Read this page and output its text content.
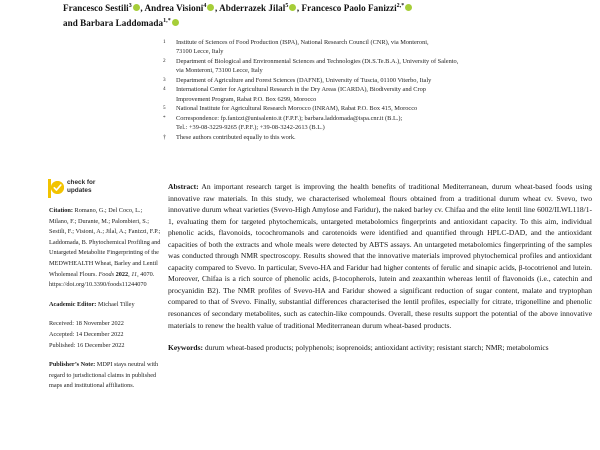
Francesco Sestili$^3$ , Andrea Visioni$^4$ , Abderrazek Jilal$^5$ , Francesco Paolo Fanizzi$^{2,*}$
and Barbara Laddomada$^{1,*}$
1	Institute of Sciences of Food Production (ISPA), National Research Council (CNR), via Monteroni,
73100 Lecce, Italy
2	Department of Biological and Environmental Sciences and Technologies (Di.S.Te.B.A.), University of Salento,
via Monteroni, 73100 Lecce, Italy
3	Department of Agriculture and Forest Sciences (DAFNE), University of Tuscia, 01100 Viterbo, Italy
4	International Center for Agricultural Research in the Dry Areas (ICARDA), Biodiversity and Crop
Improvement Program, Rabat P.O. Box 6299, Morocco
5	National Institute for Agricultural Research Morocco (INRAM), Rabat P.O. Box 415, Morocco
*	Correspondence: fp.fanizzi@unisalento.it (F.P.F.); barbara.laddomada@ispa.cnr.it (B.L.);
Tel.: +39-08-3229-9265 (F.P.F.); +39-08-3242-2613 (B.L.)
†	These authors contributed equally to this work.
check for
updates
Citation: Romano, G.; Del Coco, L.; Milano, F.; Durante, M.; Palombieri, S.; Sestili, F.; Visioni, A.; Jilal, A.; Fanizzi, F.P.; Laddomada, B. Phytochemical Profiling and Untargeted Metabolite Fingerprinting of the MEDWHEALTH Wheat, Barley and Lentil Wholemeal Flours. Foods 2022, 11, 4070. https://doi.org/10.3390/foods11244070
Academic Editor: Michael Tilley
Received: 18 November 2022
Accepted: 14 December 2022
Published: 16 December 2022
Publisher’s Note: MDPI stays neutral with regard to jurisdictional claims in published maps and institutional affiliations.
Abstract: An important research target is improving the health benefits of traditional Mediterranean, durum wheat-based foods using innovative raw materials. In this study, we characterised wholemeal flours obtained from a traditional durum wheat cv. Svevo, two innovative durum wheat varieties (Svevo-High Amylose and Faridur), the naked barley cv. Chifaa and the elite lentil line 6002/ILWL118/1-1, evaluating them for targeted phytochemicals, untargeted metabolomics fingerprints and antioxidant capacity. To this aim, individual phenolic acids, flavonoids, tocochromanols and carotenoids were identified and quantified through HPLC-DAD, and the antioxidant capacities of both the extracts and whole meals were detected by ABTS assays. An untargeted metabolomics fingerprinting of the samples was conducted through NMR spectroscopy. Results showed that the innovative materials improved phytochemical profiles and antioxidant capacity compared to Svevo. In particular, Svevo-HA and Faridur had higher contents of ferulic and sinapic acids, β-tocotrienol and lutein. Moreover, Chifaa is a rich source of phenolic acids, β-tocopherols, lutein and zeaxanthin whereas lentil of flavonoids (i.e., catechin and procyanidin B2). The NMR profiles of Svevo-HA and Faridur showed a significant reduction of sugar content, malate and tryptophan compared to that of Svevo. Finally, substantial differences characterised the lentil profiles, especially for citrate, trigonelline and phenolic resonances of secondary metabolites, such as catechin-like compounds. Overall, these results support the potential of the above innovative materials to renew the health value of traditional Mediterranean durum wheat-based products.
Keywords: durum wheat-based products; polyphenols; isoprenoids; antioxidant activity; resistant starch; NMR; metabolomics
